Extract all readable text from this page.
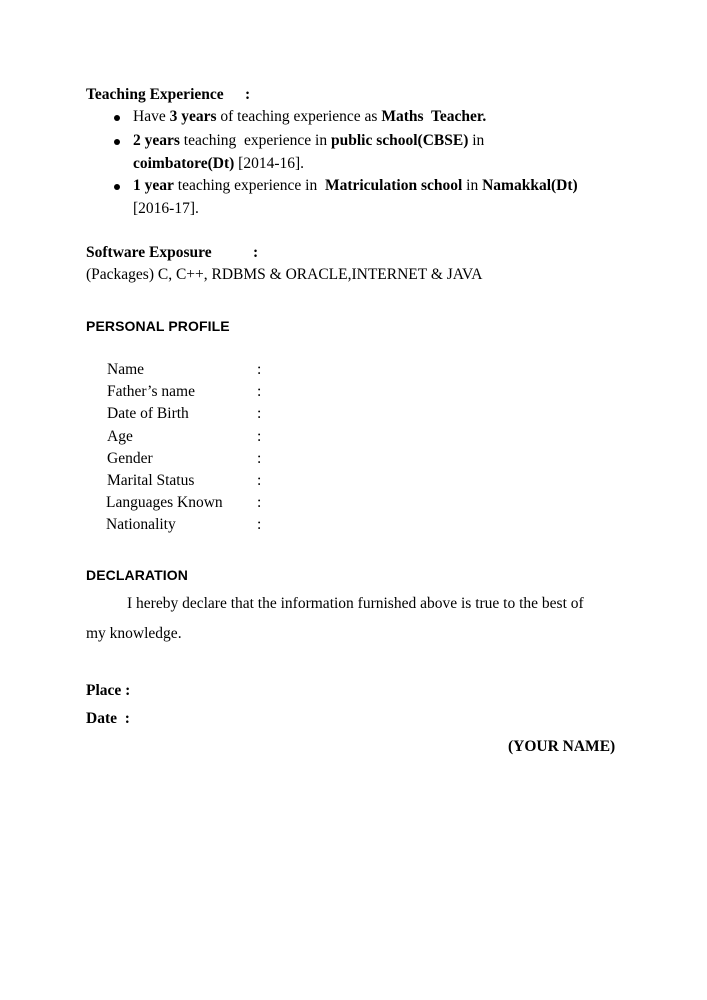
Teaching Experience :
Have 3 years of teaching experience as Maths  Teacher.
2 years teaching  experience in public school(CBSE) in
coimbatore(Dt) [2014-16].
1 year teaching experience in  Matriculation school in Namakkal(Dt)
[2016-17].
Software Exposure	:
(Packages) C, C++, RDBMS & ORACLE,INTERNET & JAVA
PERSONAL PROFILE
Name
Father’s name
Date of Birth
Age
Gender
Marital Status
Languages Known
Nationality
:
:
:
:
:
:
:
:
DECLARATION
I hereby declare that the information furnished above is true to the best of
my knowledge.
Place :
Date  :
(YOUR NAME)
